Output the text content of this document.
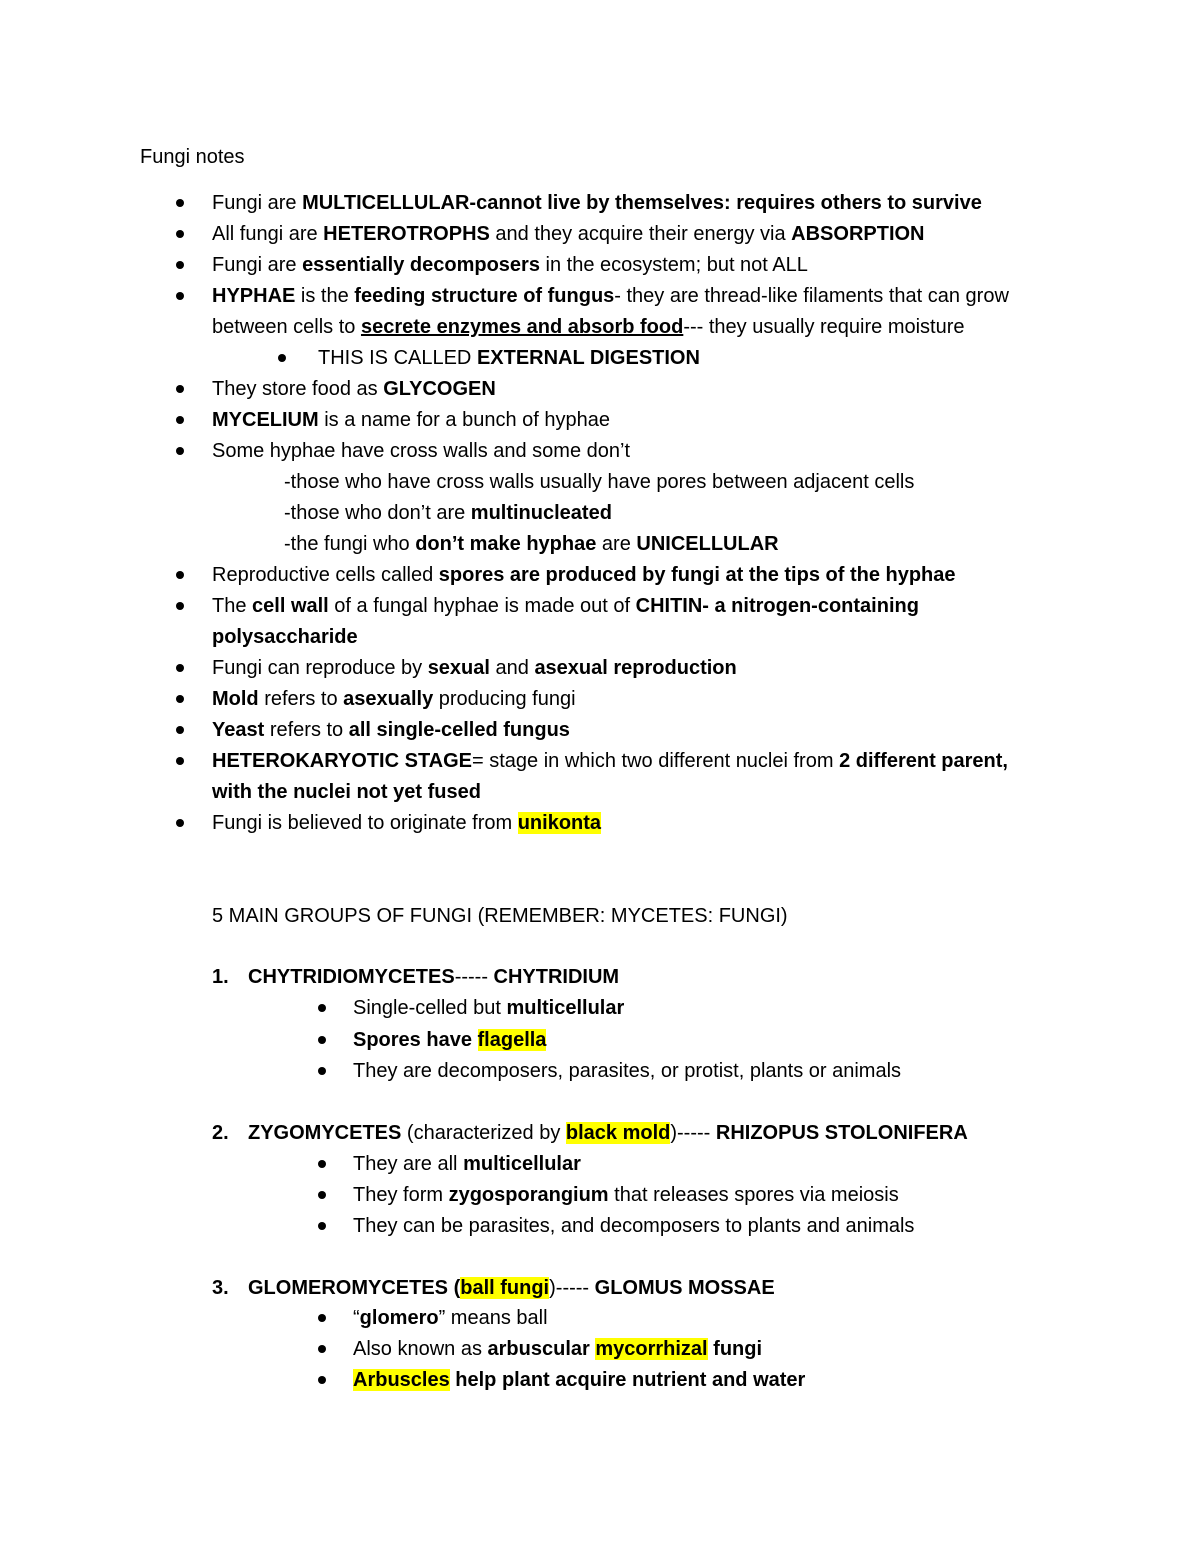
Fungi notes
Fungi are MULTICELLULAR-cannot live by themselves: requires others to survive
All fungi are HETEROTROPHS and they acquire their energy via ABSORPTION
Fungi are essentially decomposers in the ecosystem; but not ALL
HYPHAE is the feeding structure of fungus- they are thread-like filaments that can grow
between cells to secrete enzymes and absorb food--- they usually require moisture
THIS IS CALLED EXTERNAL DIGESTION
They store food as GLYCOGEN
MYCELIUM is a name for a bunch of hyphae
Some hyphae have cross walls and some don’t
-those who have cross walls usually have pores between adjacent cells
-those who don’t are multinucleated
-the fungi who don’t make hyphae are UNICELLULAR
Reproductive cells called spores are produced by fungi at the tips of the hyphae
The cell wall of a fungal hyphae is made out of CHITIN- a nitrogen-containing
polysaccharide
Fungi can reproduce by sexual and asexual reproduction
Mold refers to asexually producing fungi
Yeast refers to all single-celled fungus
HETEROKARYOTIC STAGE= stage in which two different nuclei from 2 different parent,
with the nuclei not yet fused
Fungi is believed to originate from unikonta
5 MAIN GROUPS OF FUNGI (REMEMBER: MYCETES: FUNGI)
1. CHYTRIDIOMYCETES----- CHYTRIDIUM
Single-celled but multicellular
Spores have flagella
They are decomposers, parasites, or protist, plants or animals
2. ZYGOMYCETES (characterized by black mold)----- RHIZOPUS STOLONIFERA
They are all multicellular
They form zygosporangium that releases spores via meiosis
They can be parasites, and decomposers to plants and animals
3. GLOMEROMYCETES (ball fungi)----- GLOMUS MOSSAE
“glomero” means ball
Also known as arbuscular mycorrhizal fungi
Arbuscles help plant acquire nutrient and water
